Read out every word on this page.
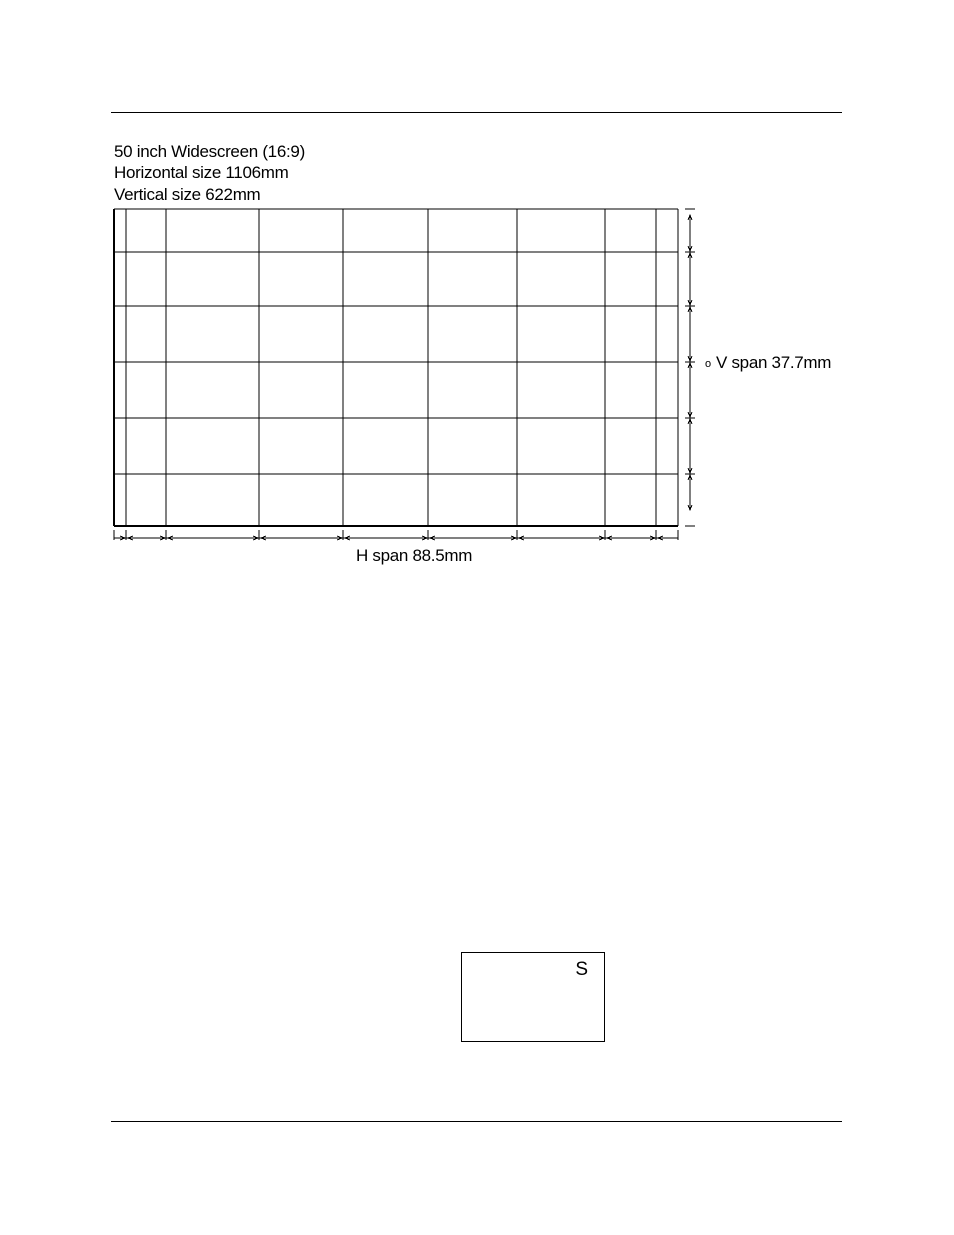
50 inch Widescreen (16:9)
Horizontal size 1106mm
Vertical size 622mm
o V span 37.7mm
H span 88.5mm
S
